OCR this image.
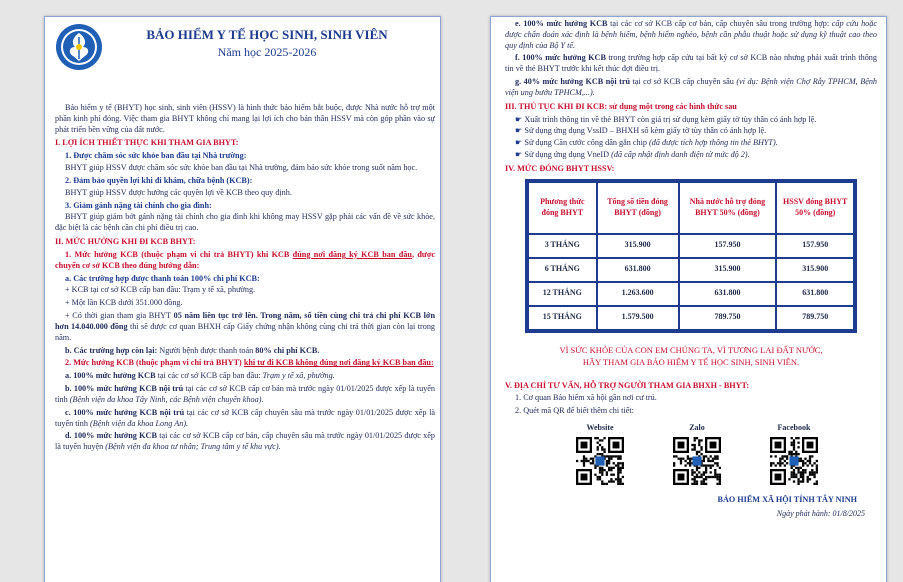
BẢO HIỂM Y TẾ HỌC SINH, SINH VIÊN
Năm học 2025-2026
Bảo hiểm y tế (BHYT) học sinh, sinh viên (HSSV) là hình thức bảo hiểm bắt buộc, được Nhà nước hỗ trợ một phần kinh phí đóng. Việc tham gia BHYT không chỉ mang lại lợi ích cho bản thân HSSV mà còn góp phần vào sự phát triển bền vững của đất nước.
I. LỢI ÍCH THIẾT THỰC KHI THAM GIA BHYT:
1. Được chăm sóc sức khỏe ban đầu tại Nhà trường:
BHYT giúp HSSV được chăm sóc sức khỏe ban đầu tại Nhà trường, đảm bảo sức khỏe trong suốt năm học.
2. Đảm bảo quyền lợi khi đi khám, chữa bệnh (KCB):
BHYT giúp HSSV được hưởng các quyền lợi về KCB theo quy định.
3. Giảm gánh nặng tài chính cho gia đình:
BHYT giúp giảm bớt gánh nặng tài chính cho gia đình khi không may HSSV gặp phải các vấn đề về sức khỏe, đặc biệt là các bệnh cần chi phí điều trị cao.
II. MỨC HƯỞNG KHI ĐI KCB BHYT:
1. Mức hưởng KCB (thuộc phạm vi chi trả BHYT) khi KCB đúng nơi đăng ký KCB ban đầu, được chuyển cơ sở KCB theo đúng hướng dẫn:
a. Các trường hợp được thanh toán 100% chi phí KCB:
+ KCB tại cơ sở KCB cấp ban đầu: Trạm y tế xã, phường.
+ Một lần KCB dưới 351.000 đồng.
+ Có thời gian tham gia BHYT 05 năm liên tục trở lên. Trong năm, số tiền cùng chi trả chi phí KCB lớn hơn 14.040.000 đồng thì sẽ được cơ quan BHXH cấp Giấy chứng nhận không cùng chi trả thời gian còn lại trong năm.
b. Các trường hợp còn lại: Người bệnh được thanh toán 80% chi phí KCB.
2. Mức hưởng KCB (thuộc phạm vi chi trả BHYT) khi tự đi KCB không đúng nơi đăng ký KCB ban đầu:
a. 100% mức hưởng KCB tại các cơ sở KCB cấp ban đầu: Trạm y tế xã, phường.
b. 100% mức hưởng KCB nội trú tại các cơ sở KCB cấp cơ bản mà trước ngày 01/01/2025 được xếp là tuyến tỉnh (Bệnh viện đa khoa Tây Ninh, các Bệnh viện chuyên khoa).
c. 100% mức hưởng KCB nội trú tại các cơ sở KCB cấp chuyên sâu mà trước ngày 01/01/2025 được xếp là tuyến tỉnh (Bệnh viện đa khoa Long An).
d. 100% mức hưởng KCB tại các cơ sở KCB cấp cơ bản, cấp chuyên sâu mà trước ngày 01/01/2025 được xếp là tuyến huyện (Bệnh viện đa khoa tư nhân; Trung tâm y tế khu vực).
e. 100% mức hưởng KCB tại các cơ sở KCB cấp cơ bản, cấp chuyên sâu trong trường hợp: cấp cứu hoặc được chẩn đoán xác định là bệnh hiếm, bệnh hiểm nghèo, bệnh cần phẫu thuật hoặc sử dụng kỹ thuật cao theo quy định của Bộ Y tế.
f. 100% mức hưởng KCB trong trường hợp cấp cứu tại bất kỳ cơ sở KCB nào nhưng phải xuất trình thông tin về thẻ BHYT trước khi kết thúc đợt điều trị.
g. 40% mức hưởng KCB nội trú tại cơ sở KCB cấp chuyên sâu (ví dụ: Bệnh viện Chợ Rẫy TPHCM, Bệnh viện ung bướu TPHCM,...).
III. THỦ TỤC KHI ĐI KCB: sử dụng một trong các hình thức sau
☛ Xuất trình thông tin về thẻ BHYT còn giá trị sử dụng kèm giấy tờ tùy thân có ảnh hợp lệ.
☛ Sử dụng ứng dụng VssID – BHXH số kèm giấy tờ tùy thân có ảnh hợp lệ.
☛ Sử dụng Căn cước công dân gắn chip (đã được tích hợp thông tin thẻ BHYT).
☛ Sử dụng ứng dụng VneID (đã cấp nhật định danh điện tử mức độ 2).
IV. MỨC ĐÓNG BHYT HSSV:
Phương thức đóng BHYT	Tổng số tiền đóng BHYT (đồng)	Nhà nước hỗ trợ đóng BHYT 50% (đồng)	HSSV đóng BHYT 50% (đồng)
3 THÁNG	315.900	157.950	157.950
6 THÁNG	631.800	315.900	315.900
12 THÁNG	1.263.600	631.800	631.800
15 THÁNG	1.579.500	789.750	789.750
VÌ SỨC KHỎE CỦA CON EM CHÚNG TA, VÌ TƯƠNG LAI ĐẤT NƯỚC,
HÃY THAM GIA BẢO HIỂM Y TẾ HỌC SINH, SINH VIÊN.
V. ĐỊA CHỈ TƯ VẤN, HỖ TRỢ NGƯỜI THAM GIA BHXH - BHYT:
1. Cơ quan Bảo hiểm xã hội gần nơi cư trú.
2. Quét mã QR để biết thêm chi tiết:
Website	Zalo	Facebook
BẢO HIỂM XÃ HỘI TỈNH TÂY NINH
Ngày phát hành: 01/8/2025
